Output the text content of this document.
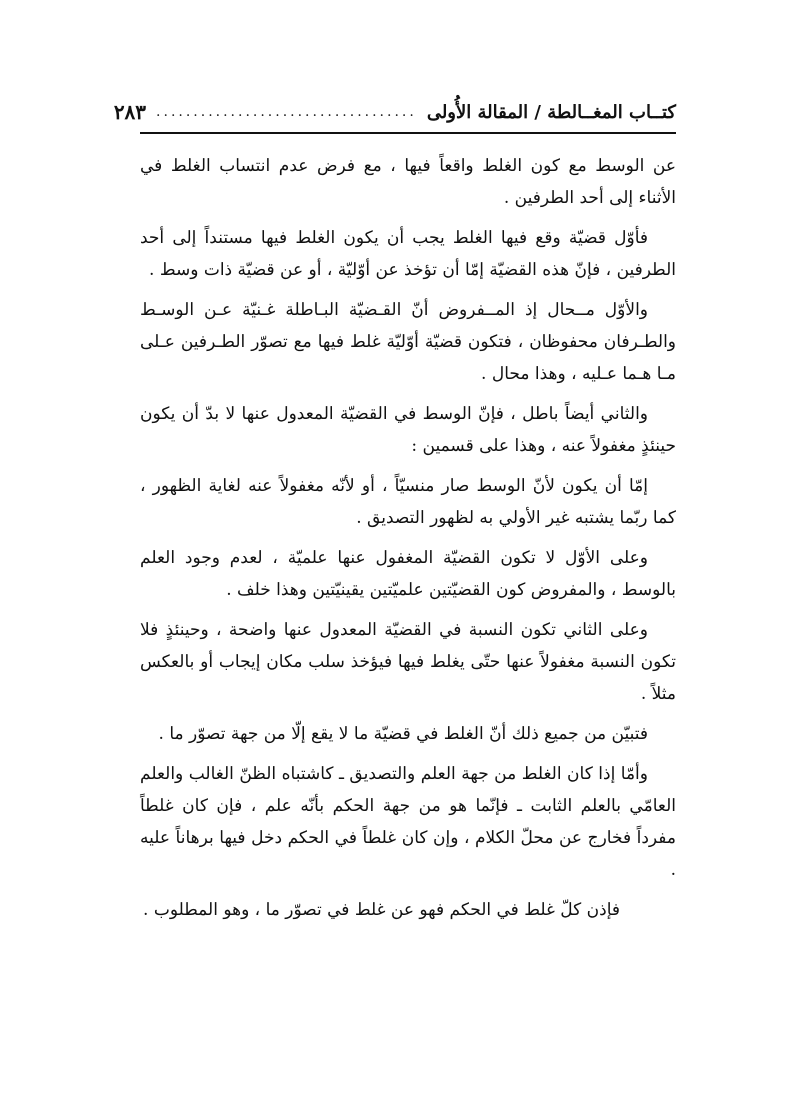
كتــاب المغــالطة / المقالة الأُولى
...................................
٢٨٣

عن الوسط مع كون الغلط واقعاً فيها ، مع فرض عدم انتساب الغلط في الأثناء إلى أحد الطرفين .

فأوّل قضيّة وقع فيها الغلط يجب أن يكون الغلط فيها مستنداً إلى أحد الطرفين ، فإنّ هذه القضيّة إمّا أن تؤخذ عن أوّليّة ، أو عن قضيّة ذات وسط .

والأوّل مــحال إذ المــفروض أنّ القـضيّة البـاطلة غـنيّة عـن الوسـط والطـرفان محفوظان ، فتكون قضيّة أوّليّة غلط فيها مع تصوّر الطـرفين عـلى مـا هـما عـليه ، وهذا محال .

والثاني أيضاً باطل ، فإنّ الوسط في القضيّة المعدول عنها لا بدّ أن يكون حينئذٍ مغفولاً عنه ، وهذا على قسمين :

إمّا أن يكون لأنّ الوسط صار منسيّاً ، أو لأنّه مغفولاً عنه لغاية الظهور ، كما ربّما يشتبه غير الأولي به لظهور التصديق .

وعلى الأوّل لا تكون القضيّة المغفول عنها علميّة ، لعدم وجود العلم بالوسط ، والمفروض كون القضيّتين علميّتين يقينيّتين وهذا خلف .

وعلى الثاني تكون النسبة في القضيّة المعدول عنها واضحة ، وحينئذٍ فلا تكون النسبة مغفولاً عنها حتّى يغلط فيها فيؤخذ سلب مكان إيجاب أو بالعكس مثلاً .

فتبيّن من جميع ذلك أنّ الغلط في قضيّة ما لا يقع إلّا من جهة تصوّر ما .

وأمّا إذا كان الغلط من جهة العلم والتصديق ـ كاشتباه الظنّ الغالب والعلم العامّي بالعلم الثابت ـ فإنّما هو من جهة الحكم بأنّه علم ، فإن كان غلطاً مفرداً فخارج عن محلّ الكلام ، وإن كان غلطاً في الحكم دخل فيها برهاناً عليه .

فإذن كلّ غلط في الحكم فهو عن غلط في تصوّر ما ، وهو المطلوب .
